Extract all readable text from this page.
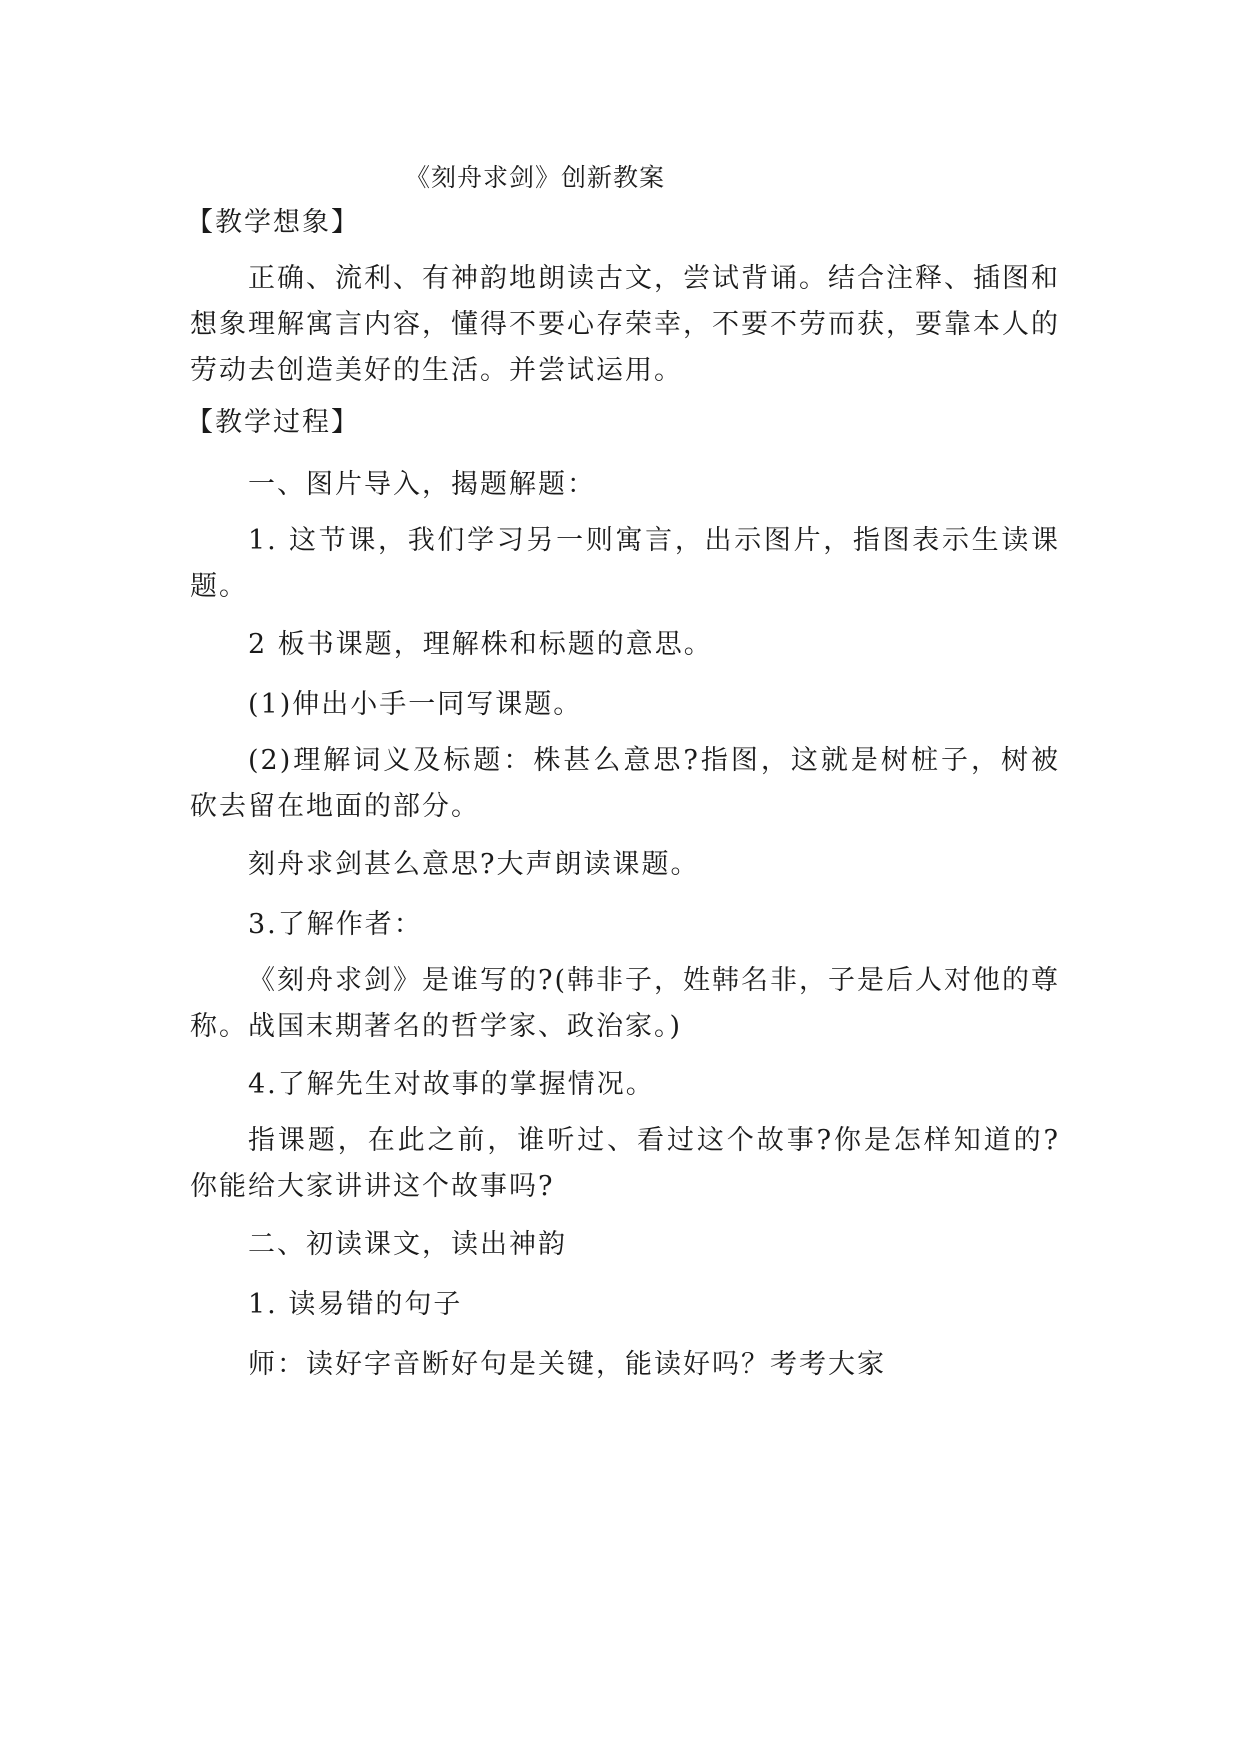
《刻舟求剑》创新教案
【教学想象】
正确、流利、有神韵地朗读古文，尝试背诵。结合注释、插图和想象理解寓言内容，懂得不要心存荣幸，不要不劳而获，要靠本人的劳动去创造美好的生活。并尝试运用。
【教学过程】
一、图片导入，揭题解题：
1. 这节课，我们学习另一则寓言，出示图片，指图表示生读课题。
2 板书课题，理解株和标题的意思。
(1)伸出小手一同写课题。
(2)理解词义及标题：株甚么意思?指图，这就是树桩子，树被砍去留在地面的部分。
刻舟求剑甚么意思?大声朗读课题。
3.了解作者：
《刻舟求剑》是谁写的?(韩非子，姓韩名非，子是后人对他的尊称。战国末期著名的哲学家、政治家。)
4.了解先生对故事的掌握情况。
指课题，在此之前，谁听过、看过这个故事?你是怎样知道的?你能给大家讲讲这个故事吗?
二、初读课文，读出神韵
1. 读易错的句子
师：读好字音断好句是关键，能读好吗？考考大家
